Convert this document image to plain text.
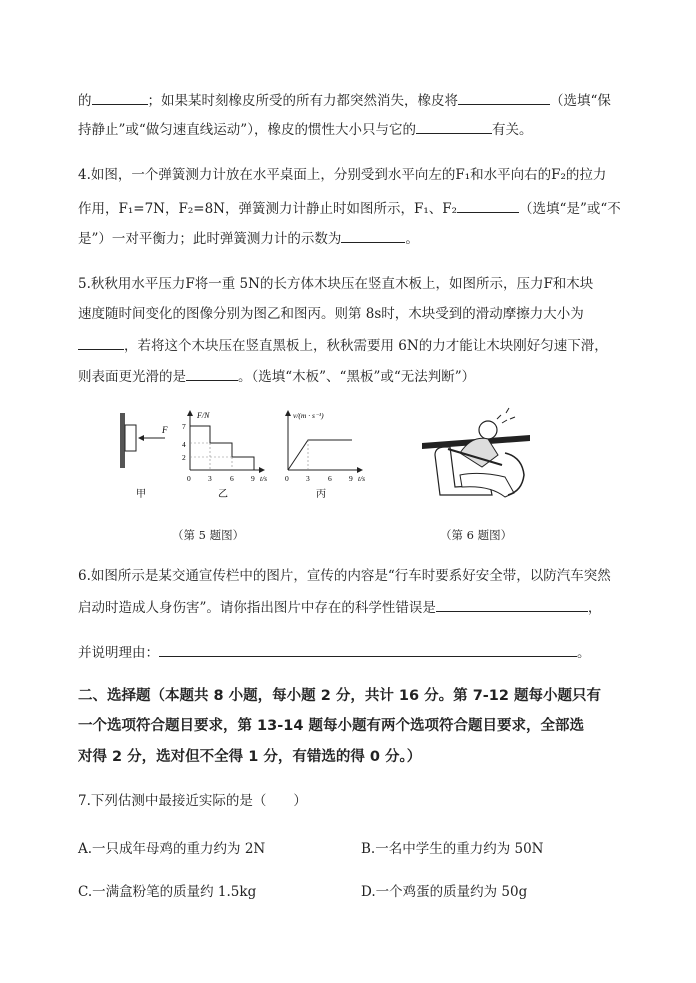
的	；如果某时刻橡皮所受的所有力都突然消失，橡皮将	（选填“保
持静止”或“做匀速直线运动”），橡皮的惯性大小只与它的	有关。
4.如图，一个弹簧测力计放在水平桌面上，分别受到水平向左的F₁和水平向右的F₂的拉力
作用，F₁=7N，F₂=8N，弹簧测力计静止时如图所示，F₁、F₂	（选填“是”或“不
是”）一对平衡力；此时弹簧测力计的示数为	。
5.秋秋用水平压力F将一重 5N的长方体木块压在竖直木板上，如图所示，压力F和木块
速度随时间变化的图像分别为图乙和图丙。则第 8s时，木块受到的滑动摩擦力大小为
，若将这个木块压在竖直黑板上，秋秋需要用 6N的力才能让木块刚好匀速下滑，
则表面更光滑的是	。（选填“木板”、“黑板”或“无法判断”）
F
甲
F/N
7
4
2
0 3 6 9 t/s
乙
v/(m · s⁻¹)
0 3 6 9 t/s
丙
（第 5 题图）	（第 6 题图）
6.如图所示是某交通宣传栏中的图片，宣传的内容是“行车时要系好安全带，以防汽车突然
启动时造成人身伤害”。请你指出图片中存在的科学性错误是	，
并说明理由：	。
二、选择题（本题共 8 小题，每小题 2 分，共计 16 分。第 7-12 题每小题只有
一个选项符合题目要求，第 13-14 题每小题有两个选项符合题目要求，全部选
对得 2 分，选对但不全得 1 分，有错选的得 0 分。）
7.下列估测中最接近实际的是（　　）
A.一只成年母鸡的重力约为 2N	B.一名中学生的重力约为 50N
C.一满盒粉笔的质量约 1.5kg	D.一个鸡蛋的质量约为 50g
